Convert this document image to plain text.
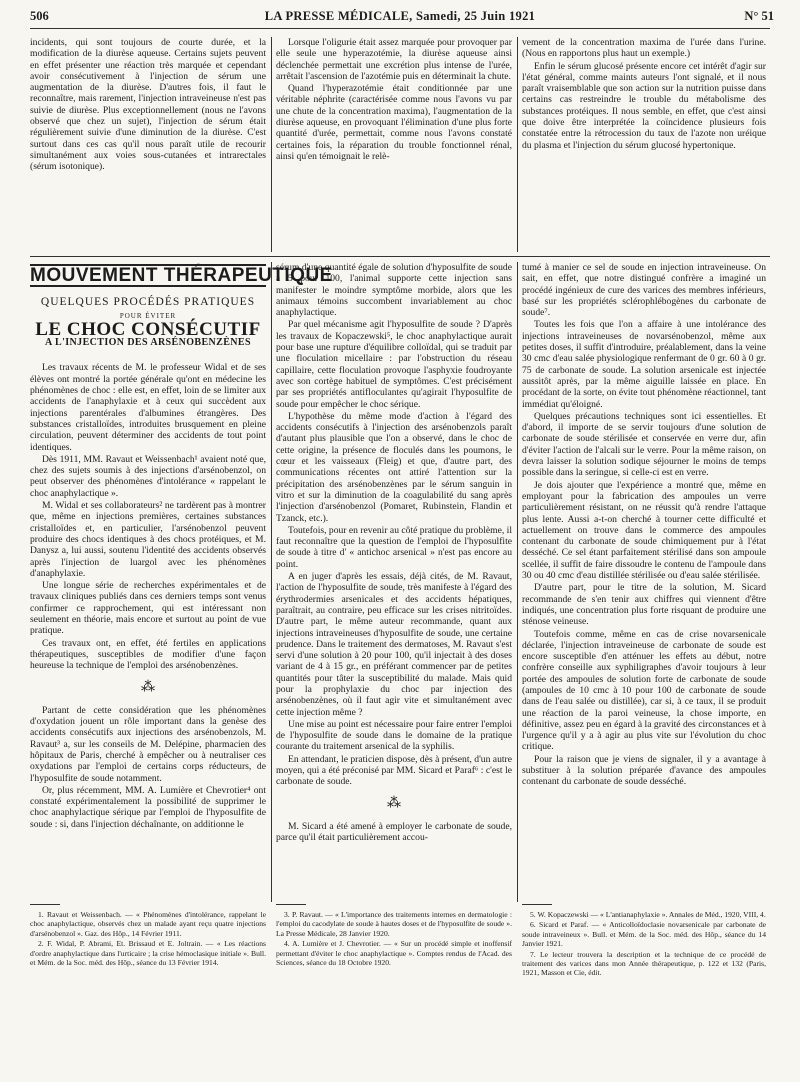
506	LA PRESSE MÉDICALE, Samedi, 25 Juin 1921	N° 51

incidents, qui sont toujours de courte durée, et la modification de la diurèse aqueuse. Certains sujets peuvent en effet présenter une réaction très marquée et cependant avoir consécutivement à l'injection de sérum une augmentation de la diurèse. D'autres fois, il faut le reconnaître, mais rarement, l'injection intraveineuse n'est pas suivie de diurèse. Plus exceptionnellement (nous ne l'avons observé que chez un sujet), l'injection de sérum était régulièrement suivie d'une diminution de la diurèse. C'est surtout dans ces cas qu'il nous paraît utile de recourir simultanément aux voies sous-cutanées et intrarectales (sérum isotonique).

Lorsque l'oligurie était assez marquée pour provoquer par elle seule une hyperazotémie, la diurèse aqueuse ainsi déclenchée permettait une excrétion plus intense de l'urée, arrêtait l'ascension de l'azotémie puis en déterminait la chute.

Quand l'hyperazotémie était conditionnée par une véritable néphrite (caractérisée comme nous l'avons vu par une chute de la concentration maxima), l'augmentation de la diurèse aqueuse, en provoquant l'élimination d'une plus forte quantité d'urée, permettait, comme nous l'avons constaté certaines fois, la réparation du trouble fonctionnel rénal, ainsi qu'en témoignait le relè-

vement de la concentration maxima de l'urée dans l'urine. (Nous en rapportons plus haut un exemple.)

Enfin le sérum glucosé présente encore cet intérêt d'agir sur l'état général, comme maints auteurs l'ont signalé, et il nous paraît vraisemblable que son action sur la nutrition puisse dans certains cas restreindre le trouble du métabolisme des substances protéiques. Il nous semble, en effet, que c'est ainsi que doive être interprétée la coïncidence plusieurs fois constatée entre la rétrocession du taux de l'azote non uréique du plasma et l'injection du sérum glucosé hypertonique.

MOUVEMENT THÉRAPEUTIQUE
QUELQUES PROCÉDÉS PRATIQUES
POUR ÉVITER
LE CHOC CONSÉCUTIF
A L'INJECTION DES ARSÉNOBENZÈNES

Les travaux récents de M. le professeur Widal et de ses élèves ont montré la portée générale qu'ont en médecine les phénomènes de choc : elle est, en effet, loin de se limiter aux accidents de l'anaphylaxie et à ceux qui succèdent aux injections parentérales d'albumines étrangères. Des substances cristalloïdes, introduites brusquement en pleine circulation, peuvent déterminer des accidents de tout point identiques.

Dès 1911, MM. Ravaut et Weissenbach¹ avaient noté que, chez des sujets soumis à des injections d'arsénobenzol, on peut observer des phénomènes d'intolérance « rappelant le choc anaphylactique ».

M. Widal et ses collaborateurs² ne tardèrent pas à montrer que, même en injections premières, certaines substances cristalloïdes et, en particulier, l'arsénobenzol peuvent produire des chocs identiques à des chocs protéiques, et M. Danysz a, lui aussi, soutenu l'identité des accidents observés après l'injection de luargol avec les phénomènes d'anaphylaxie.

Une longue série de recherches expérimentales et de travaux cliniques publiés dans ces derniers temps sont venus confirmer ce rapprochement, qui est intéressant non seulement en théorie, mais encore et surtout au point de vue pratique.

Ces travaux ont, en effet, été fertiles en applications thérapeutiques, susceptibles de modifier d'une façon heureuse la technique de l'emploi des arsénobenzènes.

⁂

Partant de cette considération que les phénomènes d'oxydation jouent un rôle important dans la genèse des accidents consécutifs aux injections des arsénobenzols, M. Ravaut³ a, sur les conseils de M. Delépine, pharmacien des hôpitaux de Paris, cherché à empêcher ou à neutraliser ces oxydations par l'emploi de certains corps réducteurs, de l'hyposulfite de soude notamment.

Or, plus récemment, MM. A. Lumière et Chevrotier⁴ ont constaté expérimentalement la possibilité de supprimer le choc anaphylactique sérique par l'emploi de l'hyposulfite de soude : si, dans l'injection déchaînante, on additionne le

sérum d'une quantité égale de solution d'hyposulfite de soude à 5 pour 100, l'animal supporte cette injection sans manifester le moindre symptôme morbide, alors que les animaux témoins succombent invariablement au choc anaphylactique.

Par quel mécanisme agit l'hyposulfite de soude ? D'après les travaux de Kopaczewski⁵, le choc anaphylactique aurait pour base une rupture d'équilibre colloïdal, qui se traduit par une floculation micellaire : par l'obstruction du réseau capillaire, cette floculation provoque l'asphyxie foudroyante avec son cortège habituel de symptômes. C'est précisément par ses propriétés antifloculantes qu'agirait l'hyposulfite de soude pour empêcher le choc sérique.

L'hypothèse du même mode d'action à l'égard des accidents consécutifs à l'injection des arsénobenzols paraît d'autant plus plausible que l'on a observé, dans le choc de cette origine, la présence de floculés dans les poumons, le cœur et les vaisseaux (Fleig) et que, d'autre part, des communications récentes ont attiré l'attention sur la précipitation des arsénobenzènes par le sérum sanguin in vitro et sur la diminution de la coagulabilité du sang après l'injection d'arsénobenzol (Pomaret, Rubinstein, Flandin et Tzanck, etc.).

Toutefois, pour en revenir au côté pratique du problème, il faut reconnaître que la question de l'emploi de l'hyposulfite de soude à titre d' « antichoc arsenical » n'est pas encore au point.

A en juger d'après les essais, déjà cités, de M. Ravaut, l'action de l'hyposulfite de soude, très manifeste à l'égard des érythrodermies arsenicales et des accidents hépatiques, paraîtrait, au contraire, peu efficace sur les crises nitritoïdes. D'autre part, le même auteur recommande, quant aux injections intraveineuses d'hyposulfite de soude, une certaine prudence. Dans le traitement des dermatoses, M. Ravaut s'est servi d'une solution à 20 pour 100, qu'il injectait à des doses variant de 4 à 15 gr., en préférant commencer par de petites quantités pour tâter la susceptibilité du malade. Mais quid pour la prophylaxie du choc par injection des arsénobenzènes, où il faut agir vite et simultanément avec cette injection même ?

Une mise au point est nécessaire pour faire entrer l'emploi de l'hyposulfite de soude dans le domaine de la pratique courante du traitement arsenical de la syphilis.

En attendant, le praticien dispose, dès à présent, d'un autre moyen, qui a été préconisé par MM. Sicard et Paraf⁶ : c'est le carbonate de soude.

⁂

M. Sicard a été amené à employer le carbonate de soude, parce qu'il était particulièrement accou-

tumé à manier ce sel de soude en injection intraveineuse. On sait, en effet, que notre distingué confrère a imaginé un procédé ingénieux de cure des varices des membres inférieurs, basé sur les propriétés sclérophlébogènes du carbonate de soude⁷.

Toutes les fois que l'on a affaire à une intolérance des injections intraveineuses de novarsénobenzol, même aux petites doses, il suffit d'introduire, préalablement, dans la veine 30 cmc d'eau salée physiologique renfermant de 0 gr. 60 à 0 gr. 75 de carbonate de soude. La solution arsenicale est injectée aussitôt après, par la même aiguille laissée en place. En procédant de la sorte, on évite tout phénomène réactionnel, tant immédiat qu'éloigné.

Quelques précautions techniques sont ici essentielles. Et d'abord, il importe de se servir toujours d'une solution de carbonate de soude stérilisée et conservée en verre dur, afin d'éviter l'action de l'alcali sur le verre. Pour la même raison, on devra laisser la solution sodique séjourner le moins de temps possible dans la seringue, si celle-ci est en verre.

Je dois ajouter que l'expérience a montré que, même en employant pour la fabrication des ampoules un verre particulièrement résistant, on ne réussit qu'à rendre l'attaque plus lente. Aussi a-t-on cherché à tourner cette difficulté et actuellement on trouve dans le commerce des ampoules contenant du carbonate de soude chimiquement pur à l'état desséché. Ce sel étant parfaitement stérilisé dans son ampoule scellée, il suffit de faire dissoudre le contenu de l'ampoule dans 30 ou 40 cmc d'eau distillée stérilisée ou d'eau salée stérilisée.

D'autre part, pour le titre de la solution, M. Sicard recommande de s'en tenir aux chiffres qui viennent d'être indiqués, une concentration plus forte risquant de produire une sténose veineuse.

Toutefois comme, même en cas de crise novarsenicale déclarée, l'injection intraveineuse de carbonate de soude est encore susceptible d'en atténuer les effets au début, notre confrère conseille aux syphiligraphes d'avoir toujours à leur portée des ampoules de solution forte de carbonate de soude (ampoules de 10 cmc à 10 pour 100 de carbonate de soude dans de l'eau salée ou distillée), car si, à ce taux, il se produit une réaction de la paroi veineuse, la chose importe, en définitive, assez peu en égard à la gravité des circonstances et à l'urgence qu'il y a à agir au plus vite sur l'évolution du choc critique.

Pour la raison que je viens de signaler, il y a avantage à substituer à la solution préparée d'avance des ampoules contenant du carbonate de soude desséché.

1. Ravaut et Weissenbach. — « Phénomènes d'intolérance, rappelant le choc anaphylactique, observés chez un malade ayant reçu quatre injections d'arsénobenzol ». Gaz. des Hôp., 14 Février 1911.

2. F. Widal, P. Abrami, Et. Brissaud et E. Joltrain. — « Les réactions d'ordre anaphylactique dans l'urticaire ; la crise hémoclasique initiale ». Bull. et Mém. de la Soc. méd. des Hôp., séance du 13 Février 1914.

3. P. Ravaut. — « L'importance des traitements internes en dermatologie : l'emploi du cacodylate de soude à hautes doses et de l'hyposulfite de soude ». La Presse Médicale, 28 Janvier 1920.

4. A. Lumière et J. Chevrotier. — « Sur un procédé simple et inoffensif permettant d'éviter le choc anaphylactique ». Comptes rendus de l'Acad. des Sciences, séance du 18 Octobre 1920.

5. W. Kopaczewski — « L'antianaphylaxie ». Annales de Méd., 1920, VIII, 4.

6. Sicard et Paraf. — « Anticolloïdoclasie novarsenicale par carbonate de soude intraveineux ». Bull. et Mém. de la Soc. méd. des Hôp., séance du 14 Janvier 1921.

7. Le lecteur trouvera la description et la technique de ce procédé de traitement des varices dans mon Année thérapeutique, p. 122 et 132 (Paris, 1921, Masson et Cie, édit.
